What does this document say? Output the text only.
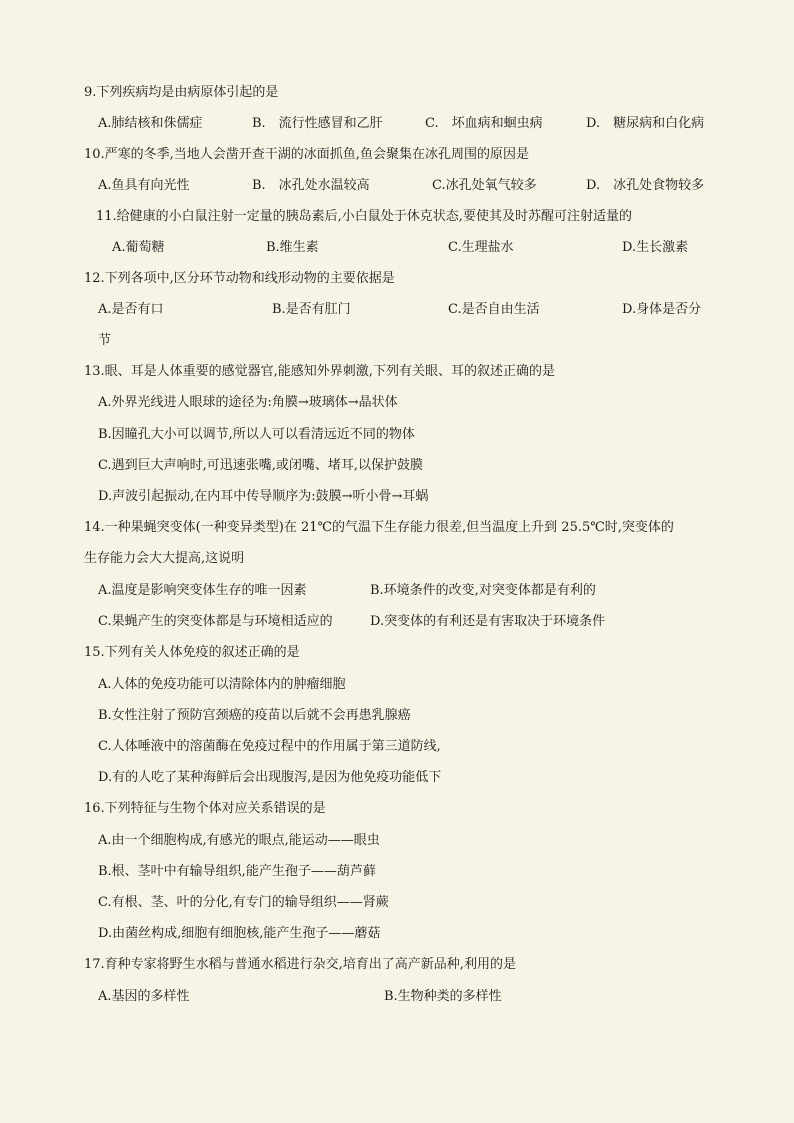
9.下列疾病均是由病原体引起的是
A.肺结核和侏儒症	B.　流行性感冒和乙肝	C.　坏血病和蛔虫病	D.　糖尿病和白化病
10.严寒的冬季,当地人会凿开查干湖的冰面抓鱼,鱼会聚集在冰孔周围的原因是
A.鱼具有向光性	B.　冰孔处水温较高	C.冰孔处氧气较多	D.　冰孔处食物较多
11.给健康的小白鼠注射一定量的胰岛素后,小白鼠处于休克状态,要使其及时苏醒可注射适量的
A.葡萄糖	B.维生素	C.生理盐水	D.生长激素
12.下列各项中,区分环节动物和线形动物的主要依据是
A.是否有口	B.是否有肛门	C.是否自由生活	D.身体是否分
节
13.眼、耳是人体重要的感觉器官,能感知外界刺激,下列有关眼、耳的叙述正确的是
A.外界光线进人眼球的途径为:角膜→玻璃体→晶状体
B.因瞳孔大小可以调节,所以人可以看清远近不同的物体
C.遇到巨大声响时,可迅速张嘴,或闭嘴、堵耳,以保护鼓膜
D.声波引起振动,在内耳中传导顺序为:鼓膜→听小骨→耳蜗
14.一种果蝇突变体(一种变异类型)在 21℃的气温下生存能力很差,但当温度上升到 25.5℃时,突变体的
生存能力会大大提高,这说明
A.温度是影响突变体生存的唯一因素	B.环境条件的改变,对突变体都是有利的
C.果蝇产生的突变体都是与环境相适应的	D.突变体的有利还是有害取决于环境条件
15.下列有关人体免疫的叙述正确的是
A.人体的免疫功能可以清除体内的肿瘤细胞
B.女性注射了预防宫颈癌的疫苗以后就不会再患乳腺癌
C.人体唾液中的溶菌酶在免疫过程中的作用属于第三道防线,
D.有的人吃了某种海鲜后会出现腹泻,是因为他免疫功能低下
16.下列特征与生物个体对应关系错误的是
A.由一个细胞构成,有感光的眼点,能运动——眼虫
B.根、茎叶中有输导组织,能产生孢子——葫芦藓
C.有根、茎、叶的分化,有专门的输导组织——肾蕨
D.由菌丝构成,细胞有细胞核,能产生孢子——蘑菇
17.育种专家将野生水稻与普通水稻进行杂交,培育出了高产新品种,利用的是
A.基因的多样性	B.生物种类的多样性
